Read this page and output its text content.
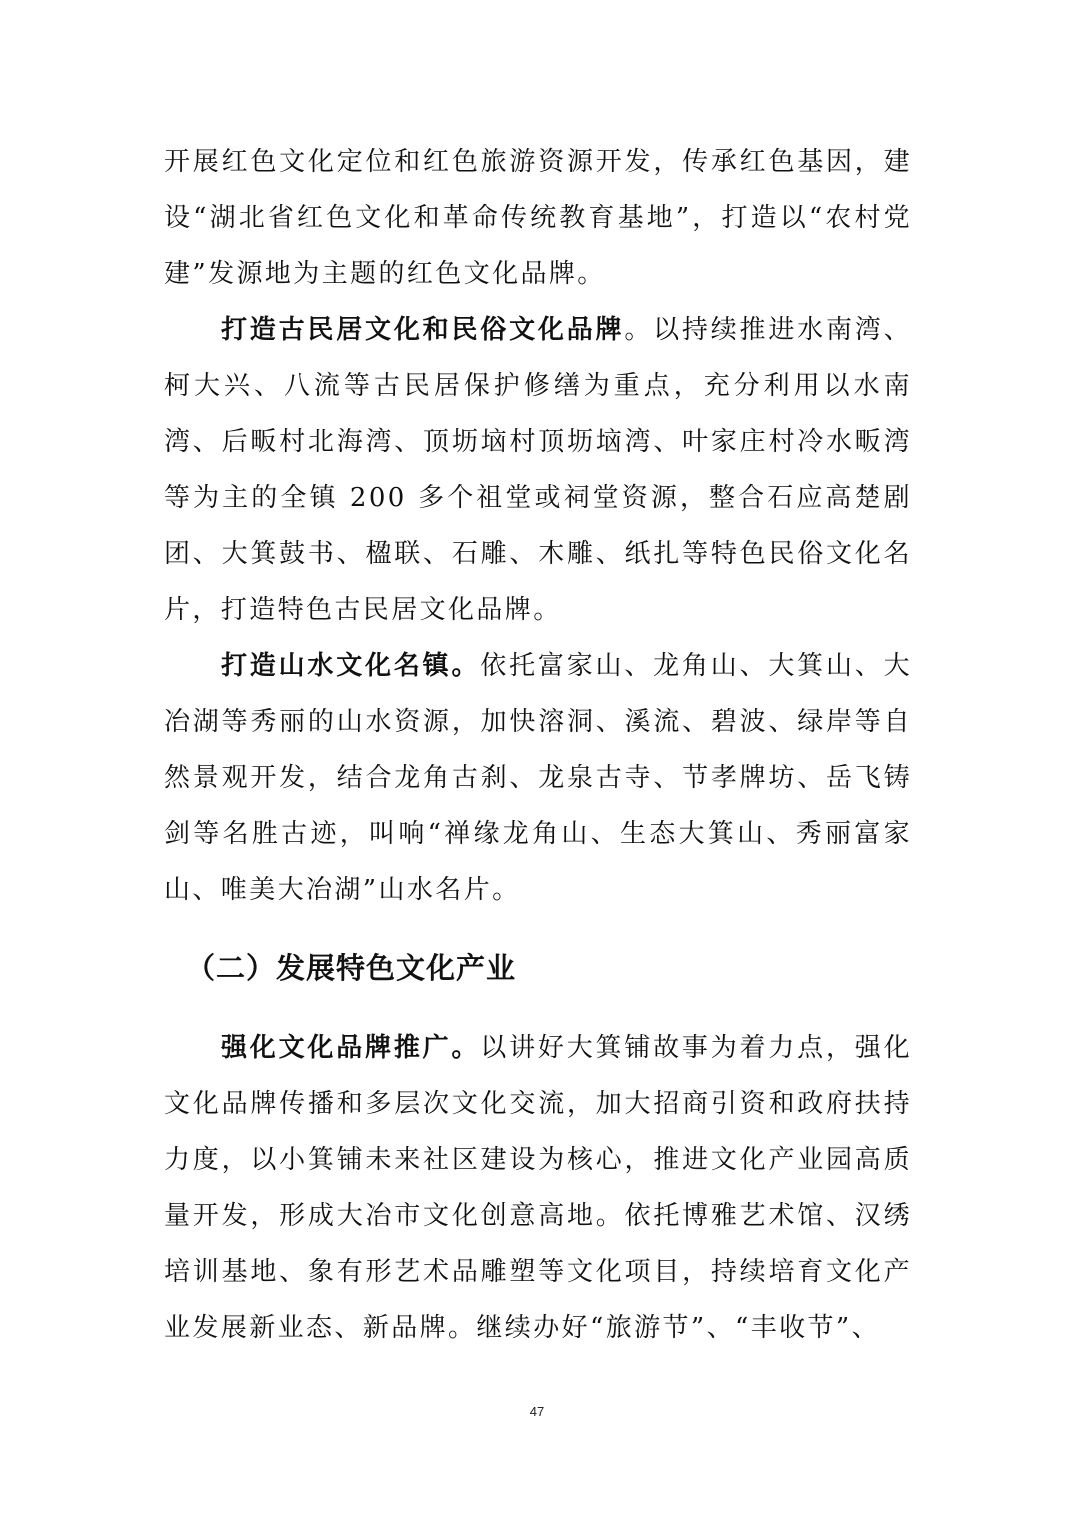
开展红色文化定位和红色旅游资源开发，传承红色基因，建设“湖北省红色文化和革命传统教育基地”，打造以“农村党建”发源地为主题的红色文化品牌。

打造古民居文化和民俗文化品牌。以持续推进水南湾、柯大兴、八流等古民居保护修缮为重点，充分利用以水南湾、后畈村北海湾、顶坜垴村顶坜垴湾、叶家庄村冷水畈湾等为主的全镇 200 多个祖堂或祠堂资源，整合石应高楚剧团、大箕鼓书、楹联、石雕、木雕、纸扎等特色民俗文化名片，打造特色古民居文化品牌。

打造山水文化名镇。依托富家山、龙角山、大箕山、大冶湖等秀丽的山水资源，加快溶洞、溪流、碧波、绿岸等自然景观开发，结合龙角古刹、龙泉古寺、节孝牌坊、岳飞铸剑等名胜古迹，叫响“禅缘龙角山、生态大箕山、秀丽富家山、唯美大冶湖”山水名片。

（二）发展特色文化产业

强化文化品牌推广。以讲好大箕铺故事为着力点，强化文化品牌传播和多层次文化交流，加大招商引资和政府扶持力度，以小箕铺未来社区建设为核心，推进文化产业园高质量开发，形成大冶市文化创意高地。依托博雅艺术馆、汉绣培训基地、象有形艺术品雕塑等文化项目，持续培育文化产业发展新业态、新品牌。继续办好“旅游节”、“丰收节”、

47
